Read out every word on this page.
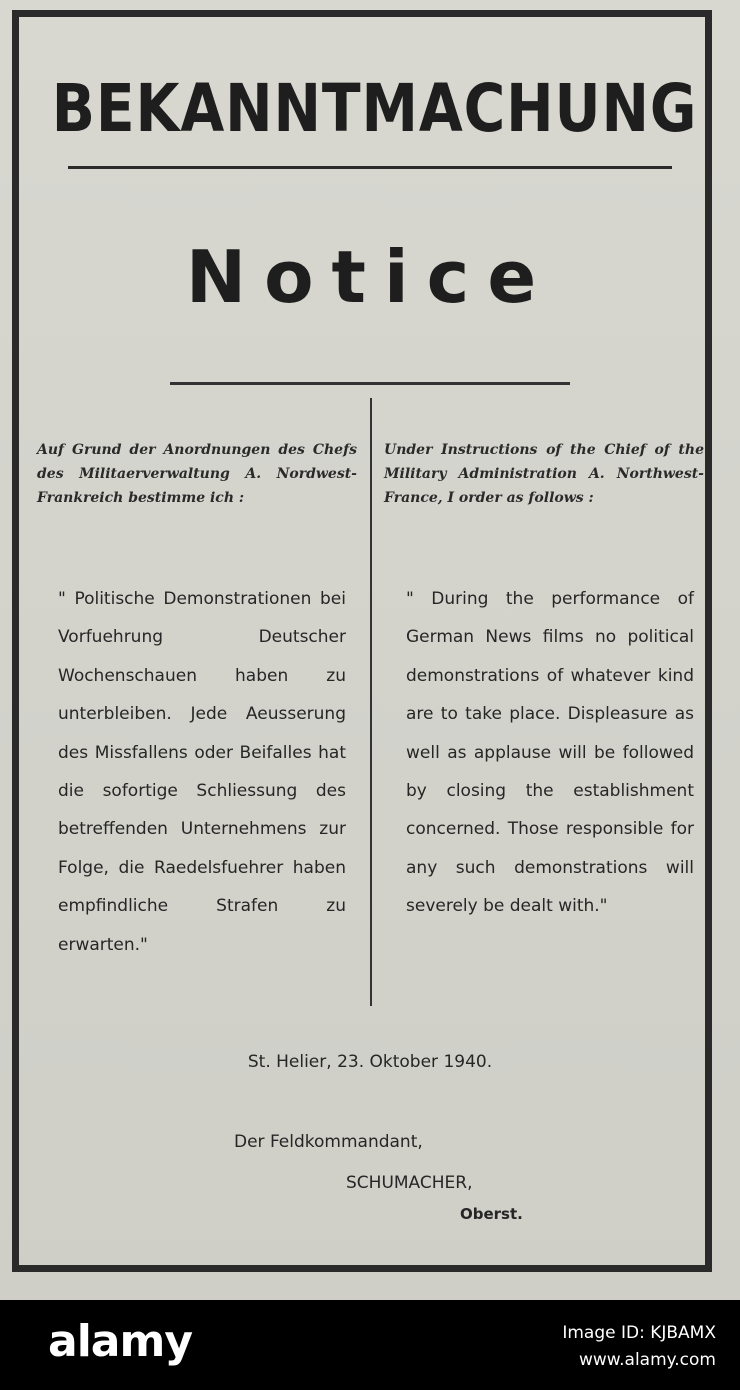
BEKANNTMACHUNG
Notice
Auf Grund der Anordnungen des Chefs des Militaerverwaltung A. Nordwest-Frankreich bestimme ich :
Under Instructions of the Chief of the Military Administration A. Northwest-France, I order as follows :
" Politische Demonstrationen bei Vorfuehrung Deutscher Wochenschauen haben zu unterbleiben. Jede Aeusserung des Missfallens oder Beifalles hat die sofortige Schliessung des betreffenden Unternehmens zur Folge, die Raedelsfuehrer haben empfindliche Strafen zu erwarten."
" During the performance of German News films no political demonstrations of whatever kind are to take place. Displeasure as well as applause will be followed by closing the establishment concerned. Those responsible for any such demonstrations will severely be dealt with."
St. Helier, 23. Oktober 1940.
Der Feldkommandant,
SCHUMACHER,
Oberst.
alamy	Image ID: KJBAMX
www.alamy.com
